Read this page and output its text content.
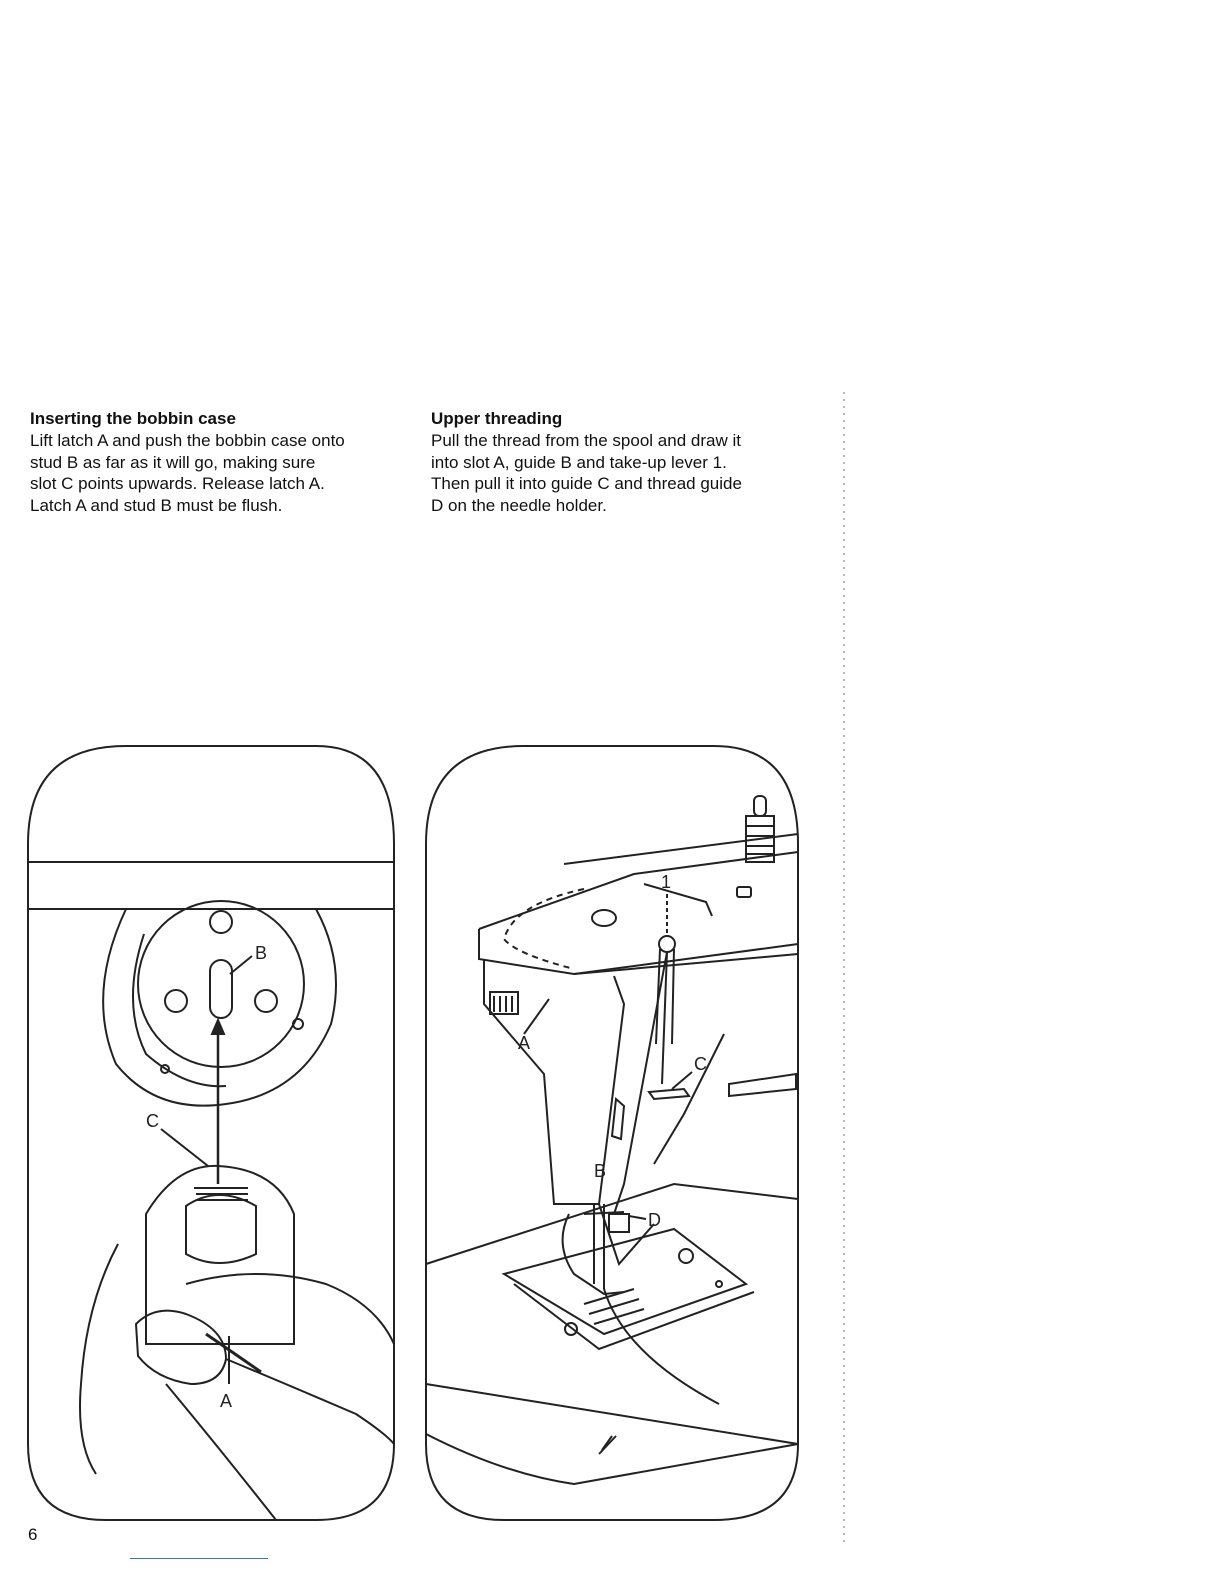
Inserting the bobbin case

Lift latch A and push the bobbin case onto
stud B as far as it will go, making sure
slot C points upwards. Release latch A.
Latch A and stud B must be flush.

Upper threading

Pull the thread from the spool and draw it
into slot A, guide B and take-up lever 1.
Then pull it into guide C and thread guide
D on the needle holder.

B
C
A
1
A
C
B
D
6
